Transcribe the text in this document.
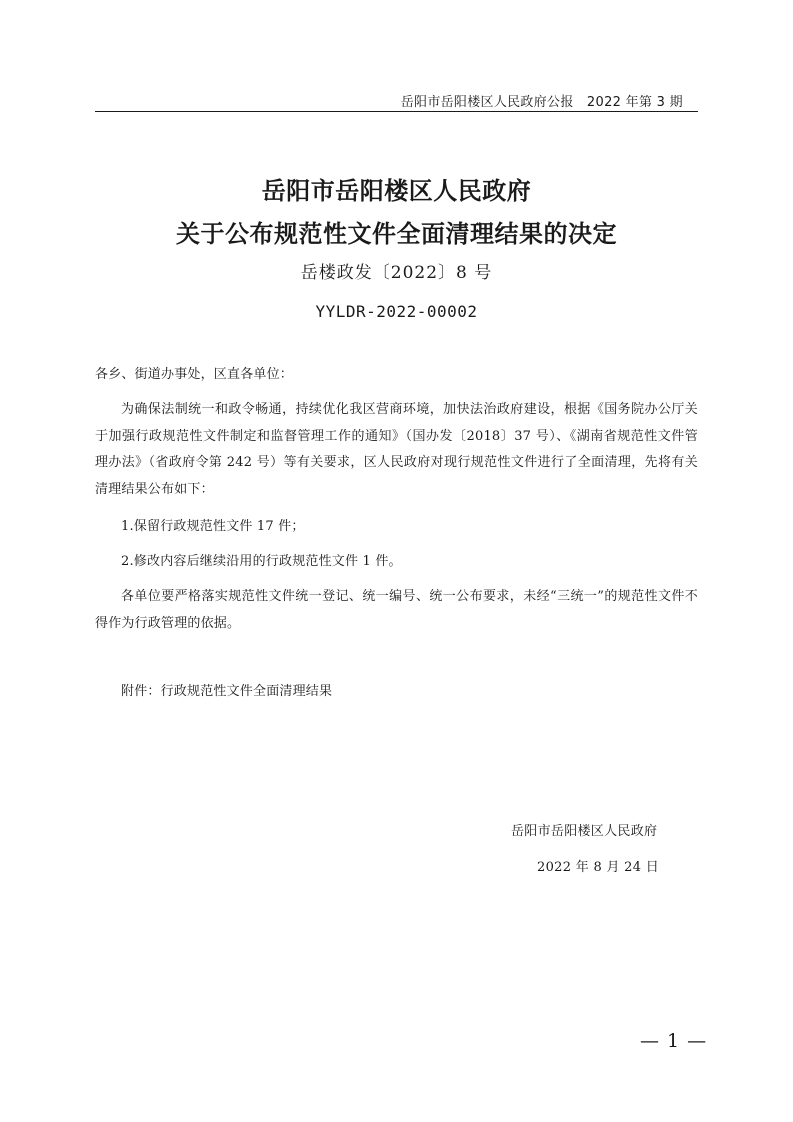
岳阳市岳阳楼区人民政府公报　2022 年第 3 期
岳阳市岳阳楼区人民政府
关于公布规范性文件全面清理结果的决定
岳楼政发〔2022〕8 号
YYLDR-2022-00002
各乡、街道办事处，区直各单位：
为确保法制统一和政令畅通，持续优化我区营商环境，加快法治政府建设，根据《国务院办公厅关于加强行政规范性文件制定和监督管理工作的通知》（国办发〔2018〕37 号）、《湖南省规范性文件管理办法》（省政府令第 242 号）等有关要求，区人民政府对现行规范性文件进行了全面清理，先将有关清理结果公布如下：
1.保留行政规范性文件 17 件；
2.修改内容后继续沿用的行政规范性文件 1 件。
各单位要严格落实规范性文件统一登记、统一编号、统一公布要求，未经“三统一”的规范性文件不得作为行政管理的依据。
附件：行政规范性文件全面清理结果
岳阳市岳阳楼区人民政府
2022 年 8 月 24 日
— 1 —
